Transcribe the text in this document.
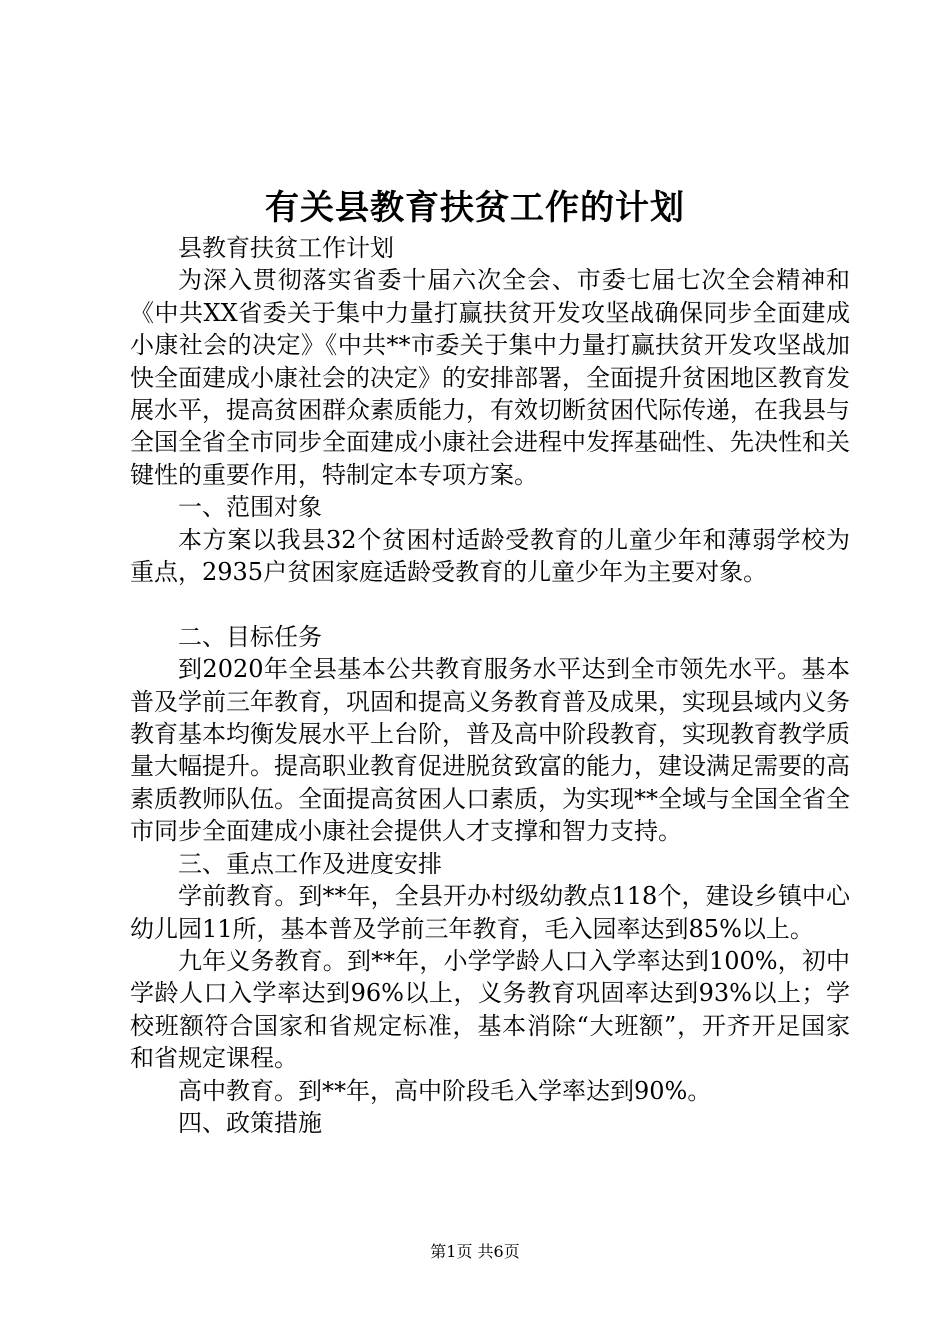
有关县教育扶贫工作的计划

县教育扶贫工作计划

为深入贯彻落实省委十届六次全会、市委七届七次全会精神和《中共XX省委关于集中力量打赢扶贫开发攻坚战确保同步全面建成小康社会的决定》《中共**市委关于集中力量打赢扶贫开发攻坚战加快全面建成小康社会的决定》的安排部署，全面提升贫困地区教育发展水平，提高贫困群众素质能力，有效切断贫困代际传递，在我县与全国全省全市同步全面建成小康社会进程中发挥基础性、先决性和关键性的重要作用，特制定本专项方案。

一、范围对象

本方案以我县32个贫困村适龄受教育的儿童少年和薄弱学校为重点，2935户贫困家庭适龄受教育的儿童少年为主要对象。

二、目标任务

到2020年全县基本公共教育服务水平达到全市领先水平。基本普及学前三年教育，巩固和提高义务教育普及成果，实现县域内义务教育基本均衡发展水平上台阶，普及高中阶段教育，实现教育教学质量大幅提升。提高职业教育促进脱贫致富的能力，建设满足需要的高素质教师队伍。全面提高贫困人口素质，为实现**全域与全国全省全市同步全面建成小康社会提供人才支撑和智力支持。

三、重点工作及进度安排

学前教育。到**年，全县开办村级幼教点118个，建设乡镇中心幼儿园11所，基本普及学前三年教育，毛入园率达到85%以上。

九年义务教育。到**年，小学学龄人口入学率达到100%，初中学龄人口入学率达到96%以上，义务教育巩固率达到93%以上；学校班额符合国家和省规定标准，基本消除“大班额”，开齐开足国家和省规定课程。

高中教育。到**年，高中阶段毛入学率达到90%。

四、政策措施

第1页 共6页
